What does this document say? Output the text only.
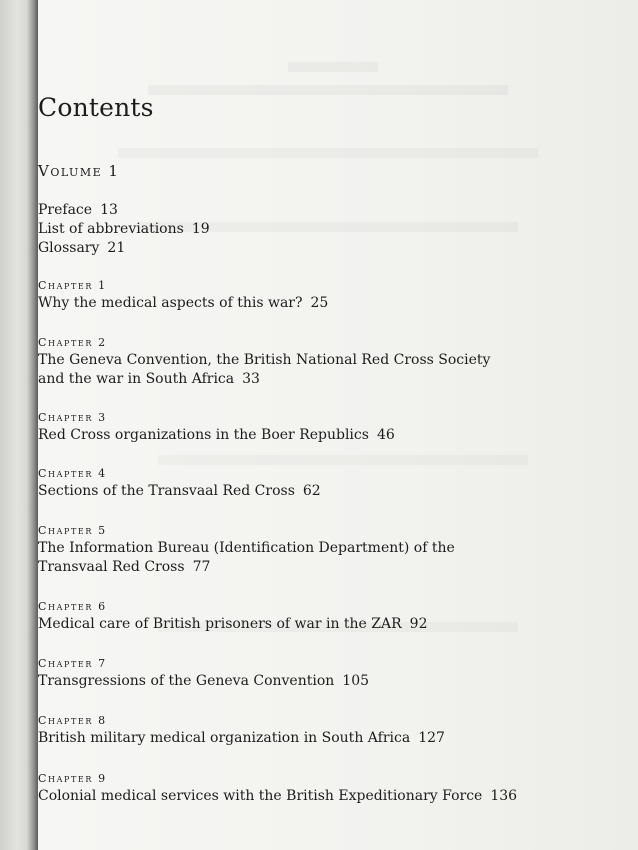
Contents
Volume 1
Preface 13
List of abbreviations 19
Glossary 21
Chapter 1
Why the medical aspects of this war? 25
Chapter 2
The Geneva Convention, the British National Red Cross Society
and the war in South Africa 33
Chapter 3
Red Cross organizations in the Boer Republics 46
Chapter 4
Sections of the Transvaal Red Cross 62
Chapter 5
The Information Bureau (Identification Department) of the
Transvaal Red Cross 77
Chapter 6
Medical care of British prisoners of war in the ZAR 92
Chapter 7
Transgressions of the Geneva Convention 105
Chapter 8
British military medical organization in South Africa 127
Chapter 9
Colonial medical services with the British Expeditionary Force 136
